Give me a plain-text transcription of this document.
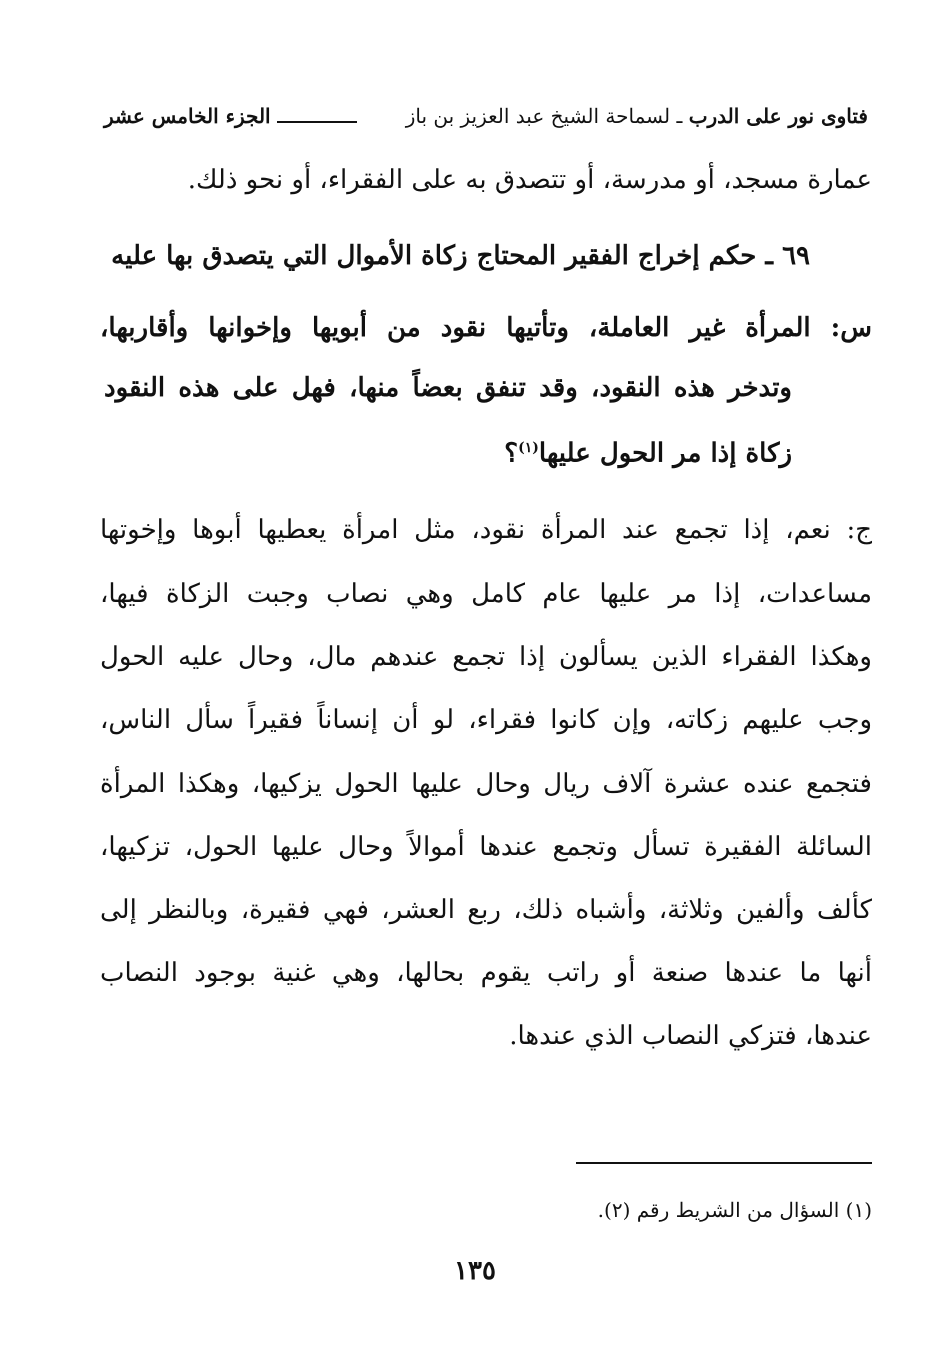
فتاوى نور على الدرب ـ لسماحة الشيخ عبد العزيز بن باز
الجزء الخامس عشر
عمارة مسجد، أو مدرسة، أو تتصدق به على الفقراء، أو نحو ذلك.
٦٩ ـ حكم إخراج الفقير المحتاج زكاة الأموال التي يتصدق بها عليه
س: المرأة غير العاملة، وتأتيها نقود من أبويها وإخوانها وأقاربها،
وتدخر هذه النقود، وقد تنفق بعضاً منها، فهل على هذه النقود
زكاة إذا مر الحول عليها$^{(١)}$؟
ج: نعم، إذا تجمع عند المرأة نقود، مثل امرأة يعطيها أبوها وإخوتها
مساعدات، إذا مر عليها عام كامل وهي نصاب وجبت الزكاة فيها،
وهكذا الفقراء الذين يسألون إذا تجمع عندهم مال، وحال عليه الحول
وجب عليهم زكاته، وإن كانوا فقراء، لو أن إنساناً فقيراً سأل الناس،
فتجمع عنده عشرة آلاف ريال وحال عليها الحول يزكيها، وهكذا المرأة
السائلة الفقيرة تسأل وتجمع عندها أموالاً وحال عليها الحول، تزكيها،
كألف وألفين وثلاثة، وأشباه ذلك، ربع العشر، فهي فقيرة، وبالنظر إلى
أنها ما عندها صنعة أو راتب يقوم بحالها، وهي غنية بوجود النصاب
عندها، فتزكي النصاب الذي عندها.
(١) السؤال من الشريط رقم (٢).
١٣٥
